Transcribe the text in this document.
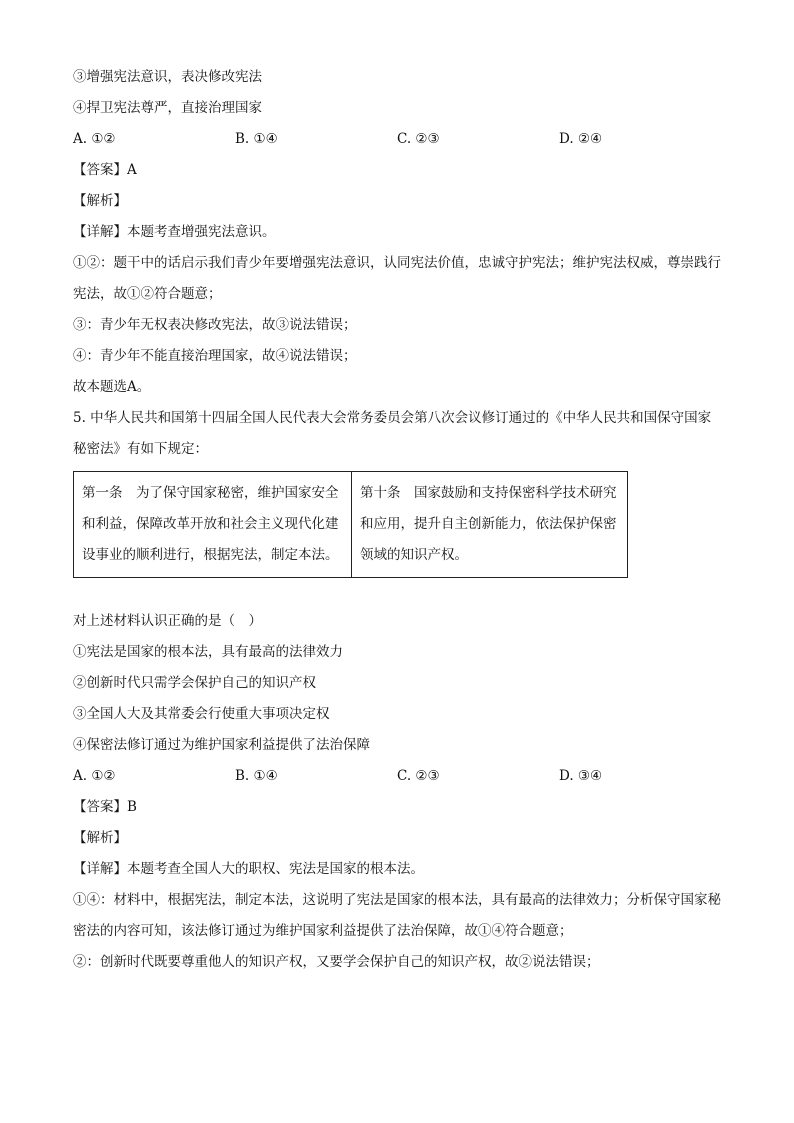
③增强宪法意识，表决修改宪法
④捍卫宪法尊严，直接治理国家
A. ①②	B. ①④	C. ②③	D. ②④
【答案】A
【解析】
【详解】本题考查增强宪法意识。
①②：题干中的话启示我们青少年要增强宪法意识，认同宪法价值，忠诚守护宪法；维护宪法权威，尊崇践行宪法，故①②符合题意；
③：青少年无权表决修改宪法，故③说法错误；
④：青少年不能直接治理国家，故④说法错误；
故本题选A。
5. 中华人民共和国第十四届全国人民代表大会常务委员会第八次会议修订通过的《中华人民共和国保守国家秘密法》有如下规定：
第一条　为了保守国家秘密，维护国家安全和利益，保障改革开放和社会主义现代化建设事业的顺利进行，根据宪法，制定本法。	第十条　国家鼓励和支持保密科学技术研究和应用，提升自主创新能力，依法保护保密领域的知识产权。
对上述材料认识正确的是（　）
①宪法是国家的根本法，具有最高的法律效力
②创新时代只需学会保护自己的知识产权
③全国人大及其常委会行使重大事项决定权
④保密法修订通过为维护国家利益提供了法治保障
A. ①②	B. ①④	C. ②③	D. ③④
【答案】B
【解析】
【详解】本题考查全国人大的职权、宪法是国家的根本法。
①④：材料中，根据宪法，制定本法，这说明了宪法是国家的根本法，具有最高的法律效力；分析保守国家秘密法的内容可知，该法修订通过为维护国家利益提供了法治保障，故①④符合题意；
②：创新时代既要尊重他人的知识产权，又要学会保护自己的知识产权，故②说法错误；
